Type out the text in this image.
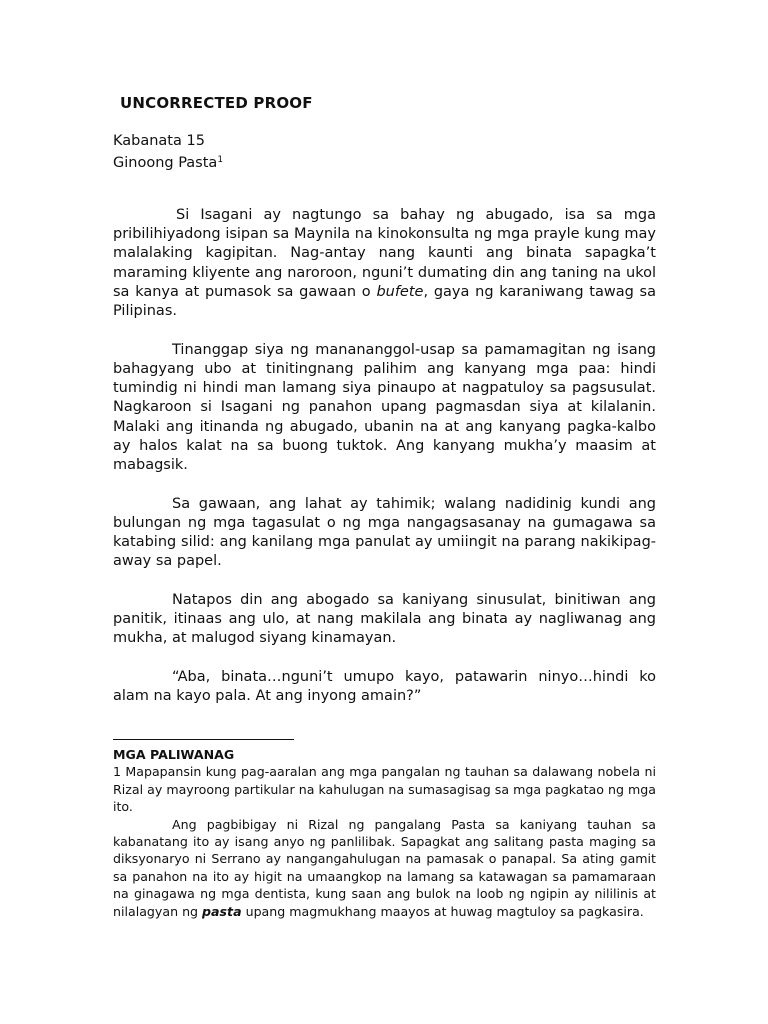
UNCORRECTED PROOF
Kabanata 15
Ginoong Pasta$^1$

Si Isagani ay nagtungo sa bahay ng abugado, isa sa mga pribilihiyadong isipan sa Maynila na kinokonsulta ng mga prayle kung may malalaking kagipitan. Nag-antay nang kaunti ang binata sapagka’t maraming kliyente ang naroroon, nguni’t dumating din ang taning na ukol sa kanya at pumasok sa gawaan o bufete, gaya ng karaniwang tawag sa Pilipinas.

Tinanggap siya ng manananggol-usap sa pamamagitan ng isang bahagyang ubo at tinitingnang palihim ang kanyang mga paa: hindi tumindig ni hindi man lamang siya pinaupo at nagpatuloy sa pagsusulat. Nagkaroon si Isagani ng panahon upang pagmasdan siya at kilalanin. Malaki ang itinanda ng abugado, ubanin na at ang kanyang pagka-kalbo ay halos kalat na sa buong tuktok. Ang kanyang mukha’y maasim at mabagsik.

Sa gawaan, ang lahat ay tahimik; walang nadidinig kundi ang bulungan ng mga tagasulat o ng mga nangagsasanay na gumagawa sa katabing silid: ang kanilang mga panulat ay umiingit na parang nakikipag-away sa papel.

Natapos din ang abogado sa kaniyang sinusulat, binitiwan ang panitik, itinaas ang ulo, at nang makilala ang binata ay nagliwanag ang mukha, at malugod siyang kinamayan.

“Aba, binata…nguni’t umupo kayo, patawarin ninyo…hindi ko alam na kayo pala. At ang inyong amain?”

MGA PALIWANAG

1 Mapapansin kung pag-aaralan ang mga pangalan ng tauhan sa dalawang nobela ni Rizal ay mayroong partikular na kahulugan na sumasagisag sa mga pagkatao ng mga ito.

Ang pagbibigay ni Rizal ng pangalang Pasta sa kaniyang tauhan sa kabanatang ito ay isang anyo ng panlilibak. Sapagkat ang salitang pasta maging sa diksyonaryo ni Serrano ay nangangahulugan na pamasak o panapal. Sa ating gamit sa panahon na ito ay higit na umaangkop na lamang sa katawagan sa pamamaraan na ginagawa ng mga dentista, kung saan ang bulok na loob ng ngipin ay nililinis at nilalagyan ng pasta upang magmukhang maayos at huwag magtuloy sa pagkasira.
